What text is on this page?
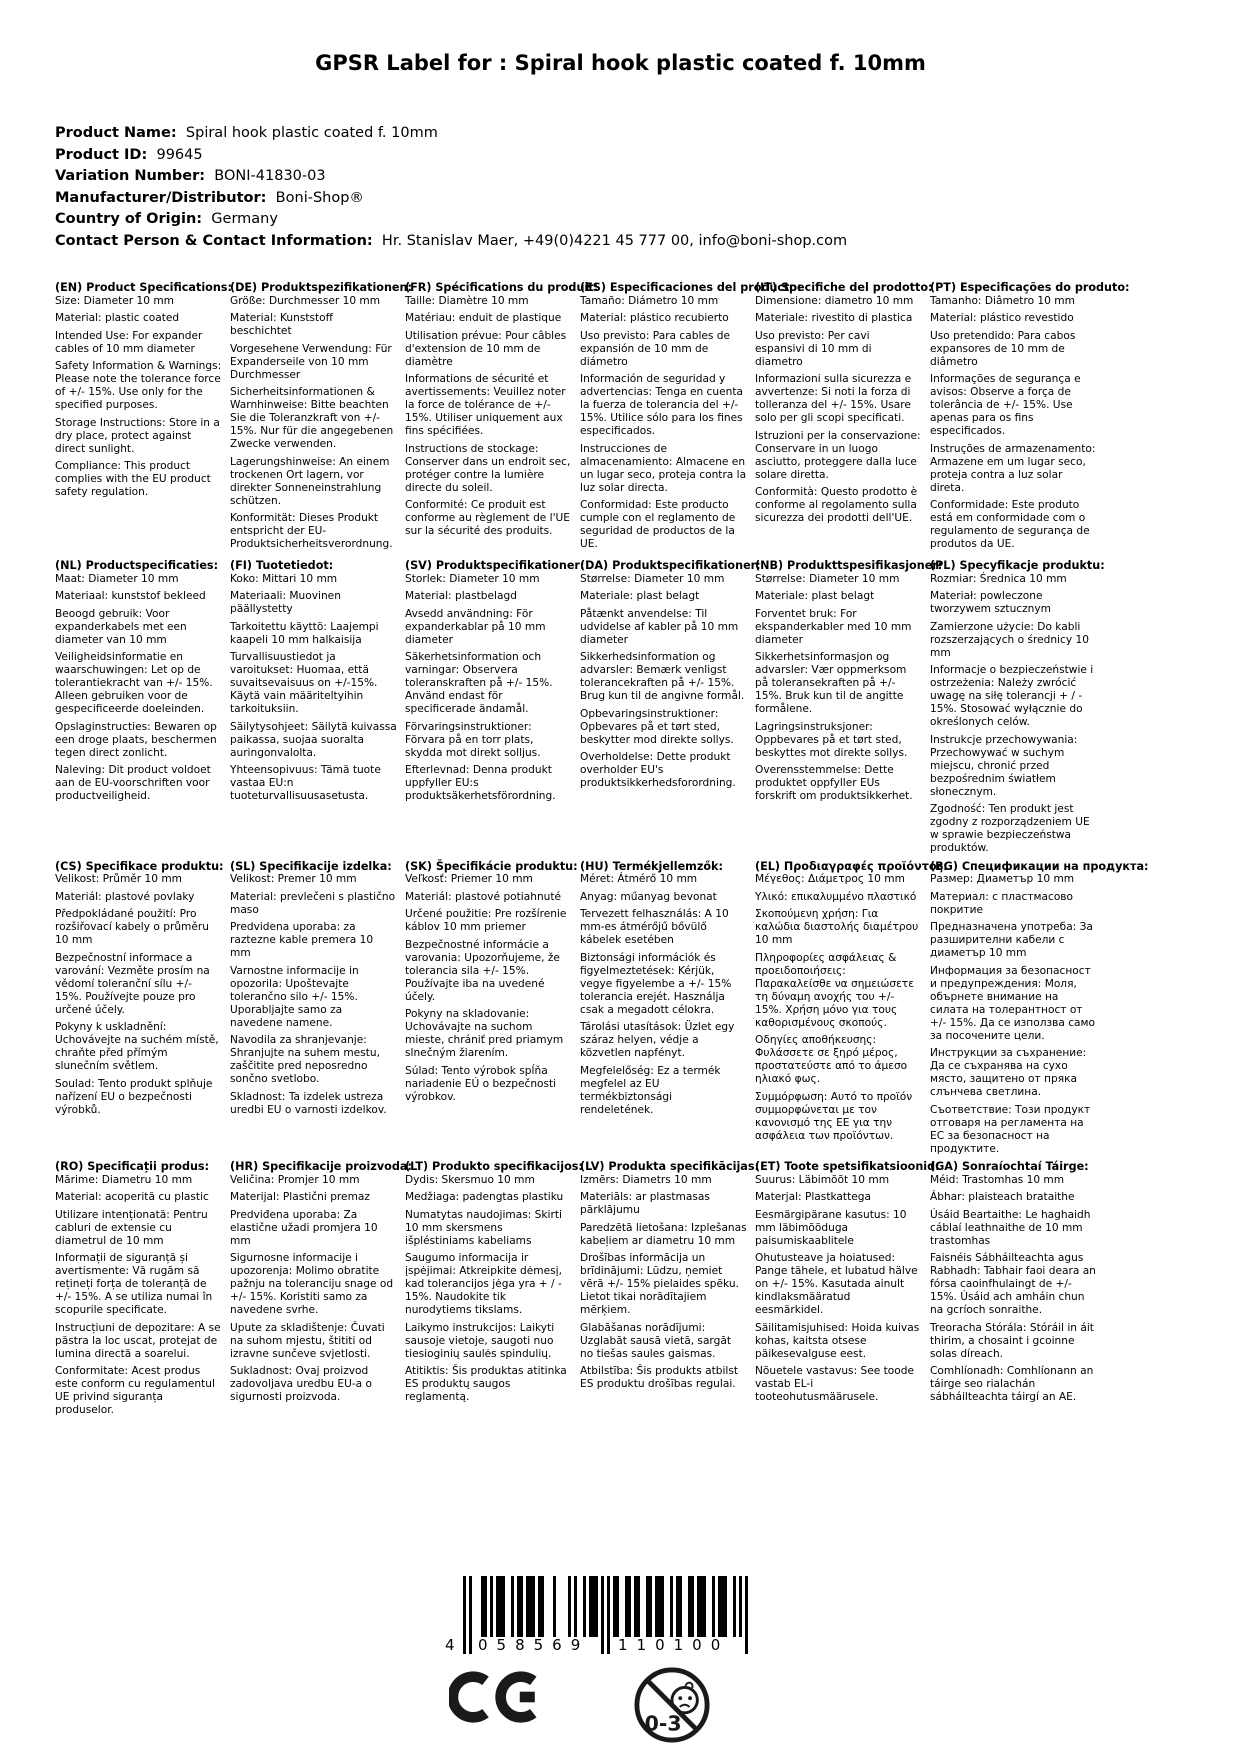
GPSR Label for : Spiral hook plastic coated f. 10mm
Product Name:  Spiral hook plastic coated f. 10mm
Product ID:  99645
Variation Number:  BONI-41830-03
Manufacturer/Distributor:  Boni-Shop®
Country of Origin:  Germany
Contact Person & Contact Information:  Hr. Stanislav Maer, +49(0)4221 45 777 00, info@boni-shop.com
(EN) Product Specifications:
Size: Diameter 10 mm
Material: plastic coated
Intended Use: For expander cables of 10 mm diameter
Safety Information & Warnings: Please note the tolerance force of +/- 15%. Use only for the specified purposes.
Storage Instructions: Store in a dry place, protect against direct sunlight.
Compliance: This product complies with the EU product safety regulation.
(DE) Produktspezifikationen:
Größe: Durchmesser 10 mm
Material: Kunststoff beschichtet
Vorgesehene Verwendung: Für Expanderseile von 10 mm Durchmesser
Sicherheitsinformationen & Warnhinweise: Bitte beachten Sie die Toleranzkraft von +/- 15%. Nur für die angegebenen Zwecke verwenden.
Lagerungshinweise: An einem trockenen Ort lagern, vor direkter Sonneneinstrahlung schützen.
Konformität: Dieses Produkt entspricht der EU-Produktsicherheitsverordnung.
(FR) Spécifications du produit:
Taille: Diamètre 10 mm
Matériau: enduit de plastique
Utilisation prévue: Pour câbles d'extension de 10 mm de diamètre
Informations de sécurité et avertissements: Veuillez noter la force de tolérance de +/- 15%. Utiliser uniquement aux fins spécifiées.
Instructions de stockage: Conserver dans un endroit sec, protéger contre la lumière directe du soleil.
Conformité: Ce produit est conforme au règlement de l'UE sur la sécurité des produits.
(ES) Especificaciones del producto:
Tamaño: Diámetro 10 mm
Material: plástico recubierto
Uso previsto: Para cables de expansión de 10 mm de diámetro
Información de seguridad y advertencias: Tenga en cuenta la fuerza de tolerancia del +/- 15%. Utilice sólo para los fines especificados.
Instrucciones de almacenamiento: Almacene en un lugar seco, proteja contra la luz solar directa.
Conformidad: Este producto cumple con el reglamento de seguridad de productos de la UE.
(IT) Specifiche del prodotto:
Dimensione: diametro 10 mm
Materiale: rivestito di plastica
Uso previsto: Per cavi espansivi di 10 mm di diametro
Informazioni sulla sicurezza e avvertenze: Si noti la forza di tolleranza del +/- 15%. Usare solo per gli scopi specificati.
Istruzioni per la conservazione: Conservare in un luogo asciutto, proteggere dalla luce solare diretta.
Conformità: Questo prodotto è conforme al regolamento sulla sicurezza dei prodotti dell'UE.
(PT) Especificações do produto:
Tamanho: Diâmetro 10 mm
Material: plástico revestido
Uso pretendido: Para cabos expansores de 10 mm de diâmetro
Informações de segurança e avisos: Observe a força de tolerância de +/- 15%. Use apenas para os fins especificados.
Instruções de armazenamento: Armazene em um lugar seco, proteja contra a luz solar direta.
Conformidade: Este produto está em conformidade com o regulamento de segurança de produtos da UE.
(NL) Productspecificaties:
Maat: Diameter 10 mm
Materiaal: kunststof bekleed
Beoogd gebruik: Voor expanderkabels met een diameter van 10 mm
Veiligheidsinformatie en waarschuwingen: Let op de tolerantiekracht van +/- 15%. Alleen gebruiken voor de gespecificeerde doeleinden.
Opslaginstructies: Bewaren op een droge plaats, beschermen tegen direct zonlicht.
Naleving: Dit product voldoet aan de EU-voorschriften voor productveiligheid.
(FI) Tuotetiedot:
Koko: Mittari 10 mm
Materiaali: Muovinen päällystetty
Tarkoitettu käyttö: Laajempi kaapeli 10 mm halkaisija
Turvallisuustiedot ja varoitukset: Huomaa, että suvaitsevaisuus on +/-15%. Käytä vain määriteltyihin tarkoituksiin.
Säilytysohjeet: Säilytä kuivassa paikassa, suojaa suoralta auringonvalolta.
Yhteensopivuus: Tämä tuote vastaa EU:n tuoteturvallisuusasetusta.
(SV) Produktspecifikationer:
Storlek: Diameter 10 mm
Material: plastbelagd
Avsedd användning: För expanderkablar på 10 mm diameter
Säkerhetsinformation och varningar: Observera toleranskraften på +/- 15%. Använd endast för specificerade ändamål.
Förvaringsinstruktioner: Förvara på en torr plats, skydda mot direkt solljus.
Efterlevnad: Denna produkt uppfyller EU:s produktsäkerhetsförordning.
(DA) Produktspecifikationer:
Størrelse: Diameter 10 mm
Materiale: plast belagt
Påtænkt anvendelse: Til udvidelse af kabler på 10 mm diameter
Sikkerhedsinformation og advarsler: Bemærk venligst tolerancekraften på +/- 15%. Brug kun til de angivne formål.
Opbevaringsinstruktioner: Opbevares på et tørt sted, beskytter mod direkte sollys.
Overholdelse: Dette produkt overholder EU's produktsikkerhedsforordning.
(NB) Produkttspesifikasjoner:
Størrelse: Diameter 10 mm
Materiale: plast belagt
Forventet bruk: For ekspanderkabler med 10 mm diameter
Sikkerhetsinformasjon og advarsler: Vær oppmerksom på toleransekraften på +/- 15%. Bruk kun til de angitte formålene.
Lagringsinstruksjoner: Oppbevares på et tørt sted, beskyttes mot direkte sollys.
Overensstemmelse: Dette produktet oppfyller EUs forskrift om produktsikkerhet.
(PL) Specyfikacje produktu:
Rozmiar: Średnica 10 mm
Materiał: powleczone tworzywem sztucznym
Zamierzone użycie: Do kabli rozszerzających o średnicy 10 mm
Informacje o bezpieczeństwie i ostrzeżenia: Należy zwrócić uwagę na siłę tolerancji + / - 15%. Stosować wyłącznie do określonych celów.
Instrukcje przechowywania: Przechowywać w suchym miejscu, chronić przed bezpośrednim światłem słonecznym.
Zgodność: Ten produkt jest zgodny z rozporządzeniem UE w sprawie bezpieczeństwa produktów.
(CS) Specifikace produktu:
Velikost: Průměr 10 mm
Materiál: plastové povlaky
Předpokládané použití: Pro rozšiřovací kabely o průměru 10 mm
Bezpečnostní informace a varování: Vezměte prosím na vědomí toleranční sílu +/- 15%. Používejte pouze pro určené účely.
Pokyny k uskladnění: Uchovávejte na suchém místě, chraňte před přímým slunečním světlem.
Soulad: Tento produkt splňuje nařízení EU o bezpečnosti výrobků.
(SL) Specifikacije izdelka:
Velikost: Premer 10 mm
Material: prevlečeni s plastično maso
Predvidena uporaba: za raztezne kable premera 10 mm
Varnostne informacije in opozorila: Upoštevajte tolerančno silo +/- 15%. Uporabljajte samo za navedene namene.
Navodila za shranjevanje: Shranjujte na suhem mestu, zaščitite pred neposredno sončno svetlobo.
Skladnost: Ta izdelek ustreza uredbi EU o varnosti izdelkov.
(SK) Špecifikácie produktu:
Veľkosť: Priemer 10 mm
Materiál: plastové potiahnuté
Určené použitie: Pre rozšírenie káblov 10 mm priemer
Bezpečnostné informácie a varovania: Upozorňujeme, že tolerancia sila +/- 15%. Používajte iba na uvedené účely.
Pokyny na skladovanie: Uchovávajte na suchom mieste, chrániť pred priamym slnečným žiarením.
Súlad: Tento výrobok spĺňa nariadenie EÚ o bezpečnosti výrobkov.
(HU) Termékjellemzők:
Méret: Átmérő 10 mm
Anyag: műanyag bevonat
Tervezett felhasználás: A 10 mm-es átmérőjű bővülő kábelek esetében
Biztonsági információk és figyelmeztetések: Kérjük, vegye figyelembe a +/- 15% tolerancia erejét. Használja csak a megadott célokra.
Tárolási utasítások: Üzlet egy száraz helyen, védje a közvetlen napfényt.
Megfelelőség: Ez a termék megfelel az EU termékbiztonsági rendeletének.
(EL) Προδιαγραφές προϊόντος:
Μέγεθος: Διάμετρος 10 mm
Υλικό: επικαλυμμένο πλαστικό
Σκοπούμενη χρήση: Για καλώδια διαστολής διαμέτρου 10 mm
Πληροφορίες ασφάλειας & προειδοποιήσεις: Παρακαλείσθε να σημειώσετε τη δύναμη ανοχής του +/- 15%. Χρήση μόνο για τους καθορισμένους σκοπούς.
Οδηγίες αποθήκευσης: Φυλάσσετε σε ξηρό μέρος, προστατεύστε από το άμεσο ηλιακό φως.
Συμμόρφωση: Αυτό το προϊόν συμμορφώνεται με τον κανονισμό της ΕΕ για την ασφάλεια των προϊόντων.
(BG) Спецификации на продукта:
Размер: Диаметър 10 mm
Материал: с пластмасово покритие
Предназначена употреба: За разширителни кабели с диаметър 10 mm
Информация за безопасност и предупреждения: Моля, обърнете внимание на силата на толерантност от +/- 15%. Да се използва само за посочените цели.
Инструкции за съхранение: Да се съхранява на сухо място, защитено от пряка слънчева светлина.
Съответствие: Този продукт отговаря на регламента на ЕС за безопасност на продуктите.
(RO) Specificații produs:
Mărime: Diametru 10 mm
Material: acoperită cu plastic
Utilizare intenționată: Pentru cabluri de extensie cu diametrul de 10 mm
Informații de siguranță și avertismente: Vă rugăm să rețineți forța de toleranță de +/- 15%. A se utiliza numai în scopurile specificate.
Instrucțiuni de depozitare: A se păstra la loc uscat, protejat de lumina directă a soarelui.
Conformitate: Acest produs este conform cu regulamentul UE privind siguranța produselor.
(HR) Specifikacije proizvoda:
Veličina: Promjer 10 mm
Materijal: Plastični premaz
Predviđena uporaba: Za elastične užadi promjera 10 mm
Sigurnosne informacije i upozorenja: Molimo obratite pažnju na toleranciju snage od +/- 15%. Koristiti samo za navedene svrhe.
Upute za skladištenje: Čuvati na suhom mjestu, štititi od izravne sunčeve svjetlosti.
Sukladnost: Ovaj proizvod zadovoljava uredbu EU-a o sigurnosti proizvoda.
(LT) Produkto specifikacijos:
Dydis: Skersmuo 10 mm
Medžiaga: padengtas plastiku
Numatytas naudojimas: Skirti 10 mm skersmens išpléstiniams kabeliams
Saugumo informacija ir įspėjimai: Atkreipkite dėmesį, kad tolerancijos jėga yra + / - 15%. Naudokite tik nurodytiems tikslams.
Laikymo instrukcijos: Laikyti sausoje vietoje, saugoti nuo tiesioginių saulės spindulių.
Atitiktis: Šis produktas atitinka ES produktų saugos reglamentą.
(LV) Produkta specifikācijas:
Izmērs: Diametrs 10 mm
Materiāls: ar plastmasas pārklājumu
Paredzētā lietošana: Izplešanas kabeļiem ar diametru 10 mm
Drošības informācija un brīdinājumi: Lūdzu, ņemiet vērā +/- 15% pielaides spēku. Lietot tikai norādītajiem mērķiem.
Glabāšanas norādījumi: Uzglabāt sausā vietā, sargāt no tiešas saules gaismas.
Atbilstība: Šis produkts atbilst ES produktu drošības regulai.
(ET) Toote spetsifikatsioonid:
Suurus: Läbimõõt 10 mm
Materjal: Plastkattega
Eesmärgipärane kasutus: 10 mm läbimõõduga paisumiskaablitele
Ohutusteave ja hoiatused: Pange tähele, et lubatud hälve on +/- 15%. Kasutada ainult kindlaksmääratud eesmärkidel.
Säilitamisjuhised: Hoida kuivas kohas, kaitsta otsese päikesevalguse eest.
Nõuetele vastavus: See toode vastab EL-i tooteohutusmäärusele.
(GA) Sonraíochtaí Táirge:
Méid: Trastomhas 10 mm
Ábhar: plaisteach brataithe
Úsáid Beartaithe: Le haghaidh cáblaí leathnaithe de 10 mm trastomhas
Faisnéis Sábháilteachta agus Rabhadh: Tabhair faoi deara an fórsa caoinfhulaingt de +/- 15%. Úsáid ach amháin chun na gcríoch sonraithe.
Treoracha Stórála: Stóráil in áit thirim, a chosaint i gcoinne solas díreach.
Comhlíonadh: Comhlíonann an táirge seo rialachán sábháilteachta táirgí an AE.
4	058569	110100
0-3
